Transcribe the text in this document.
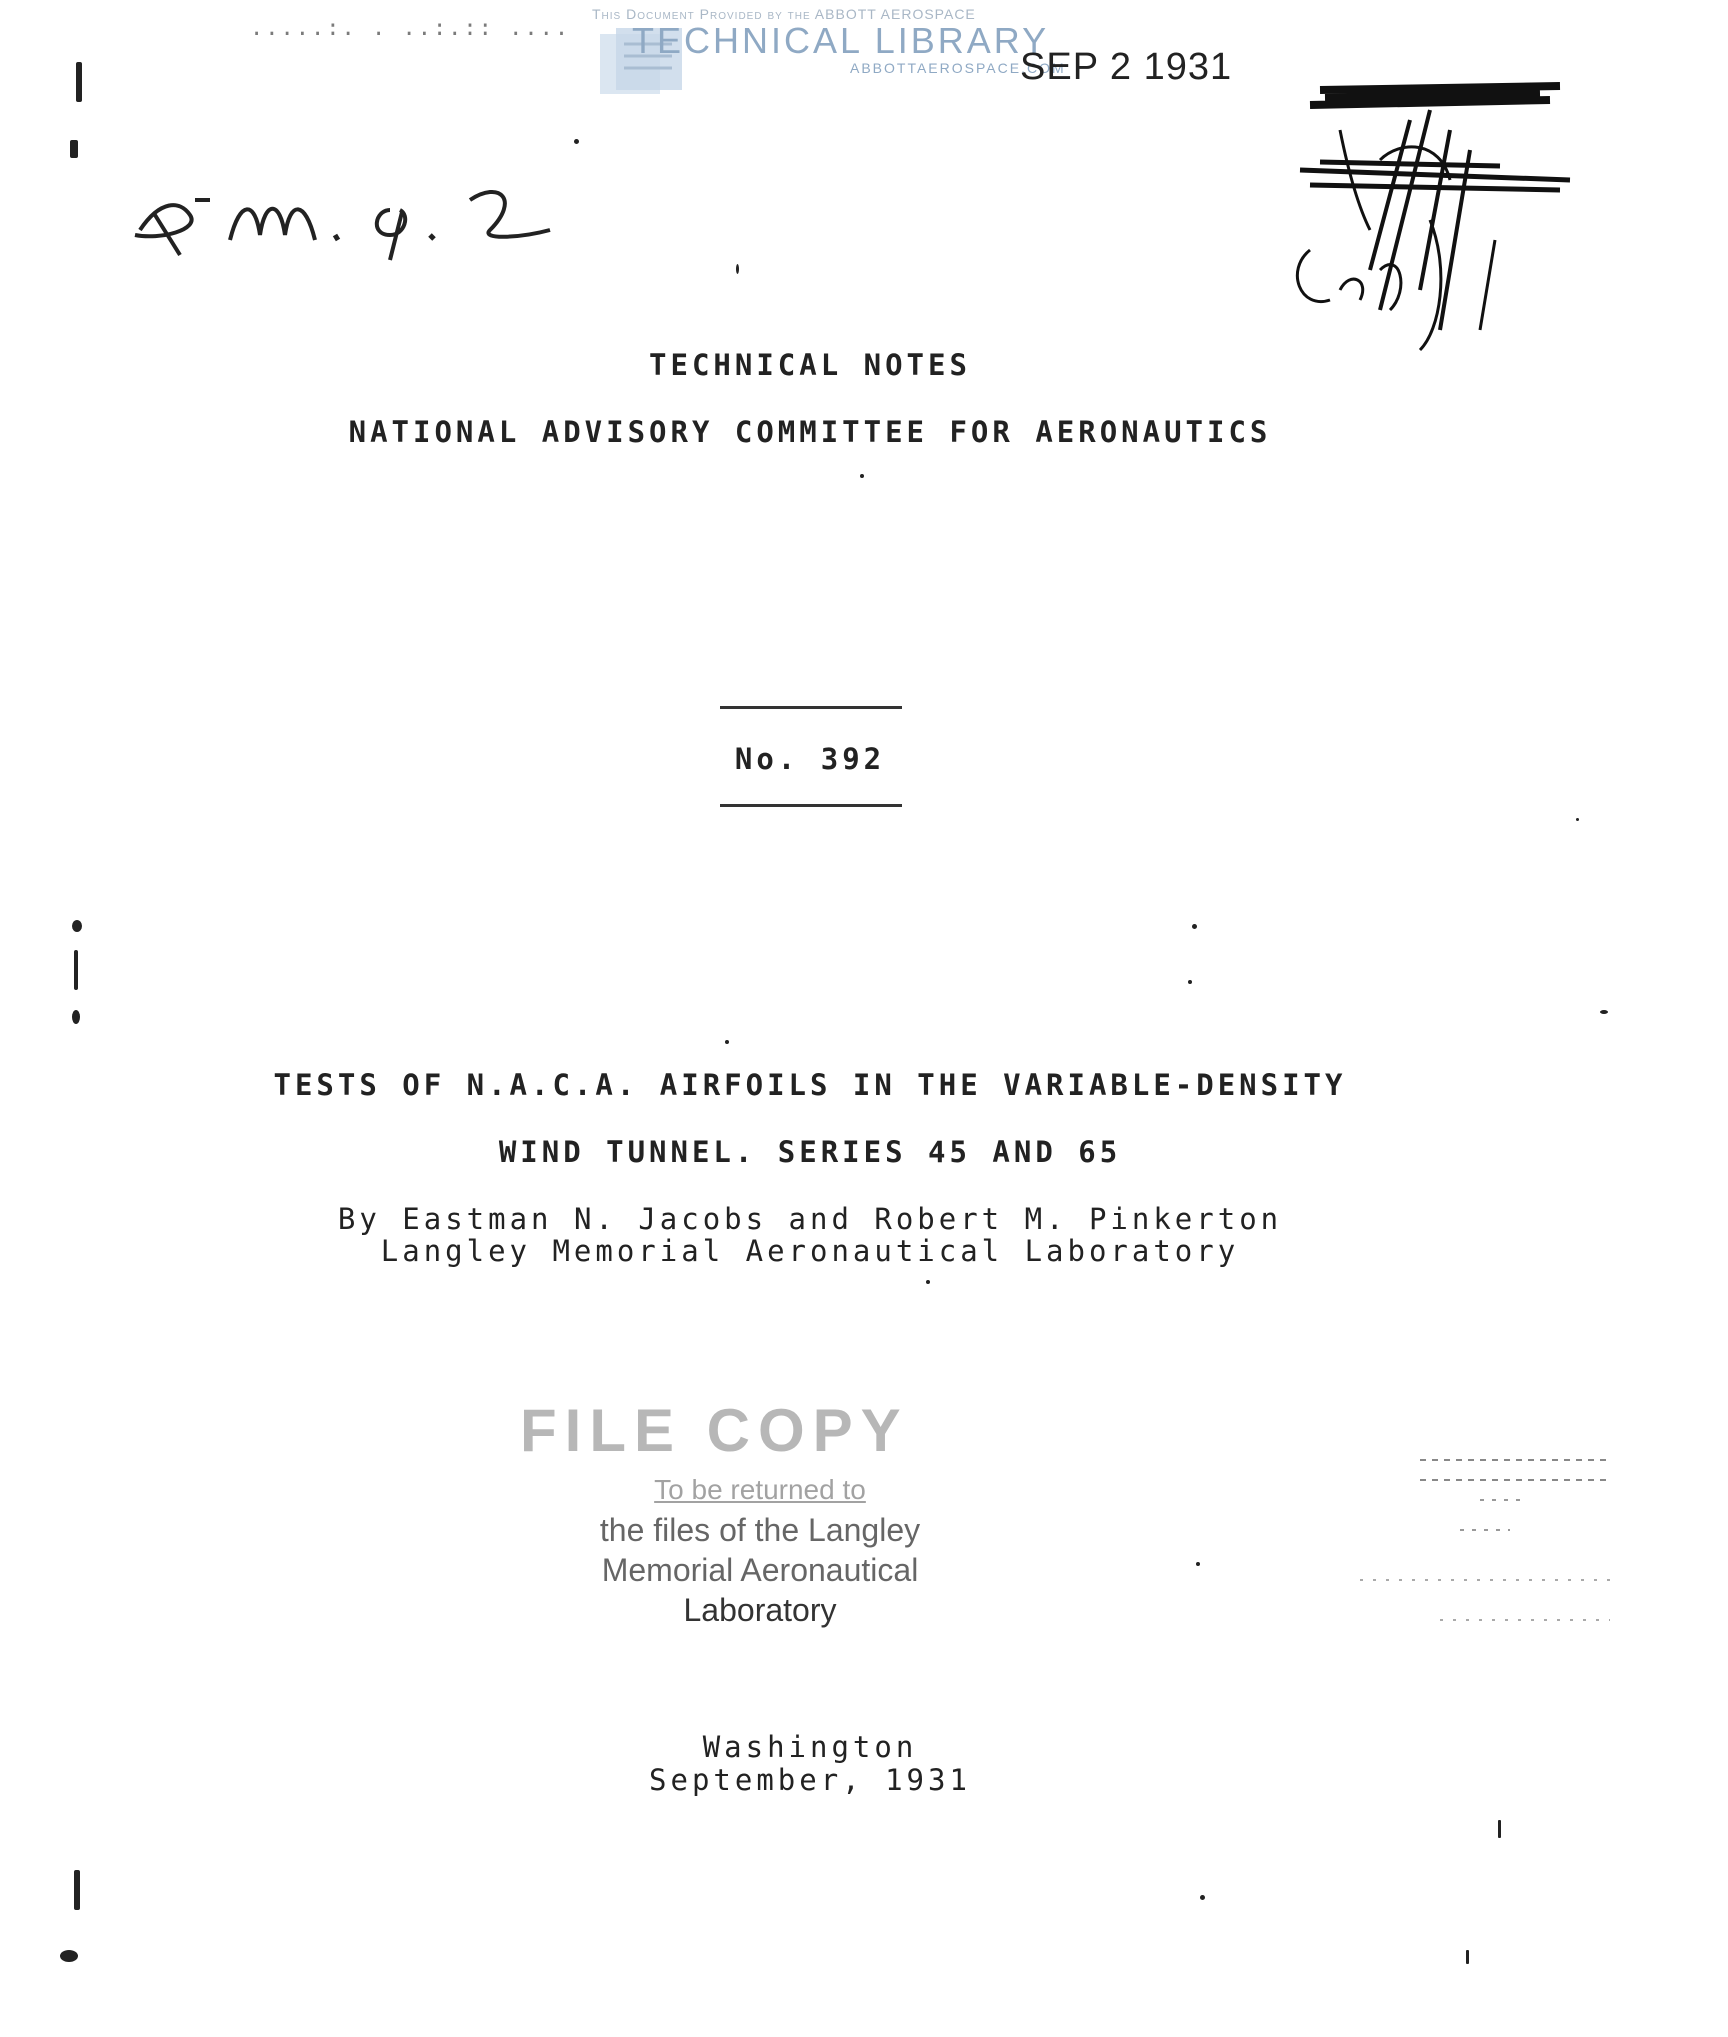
.....:. . ..:.:: ....
This Document Provided by the ABBOTT AEROSPACE
TECHNICAL LIBRARY
ABBOTTAEROSPACE.COM
SEP 2 1931
TECHNICAL NOTES
NATIONAL ADVISORY COMMITTEE FOR AERONAUTICS
No. 392
TESTS OF N.A.C.A. AIRFOILS IN THE VARIABLE-DENSITY
WIND TUNNEL. SERIES 45 AND 65
By Eastman N. Jacobs and Robert M. Pinkerton
Langley Memorial Aeronautical Laboratory
FILE COPY
To be returned to
the files of the Langley
Memorial Aeronautical
Laboratory
Washington
September, 1931
